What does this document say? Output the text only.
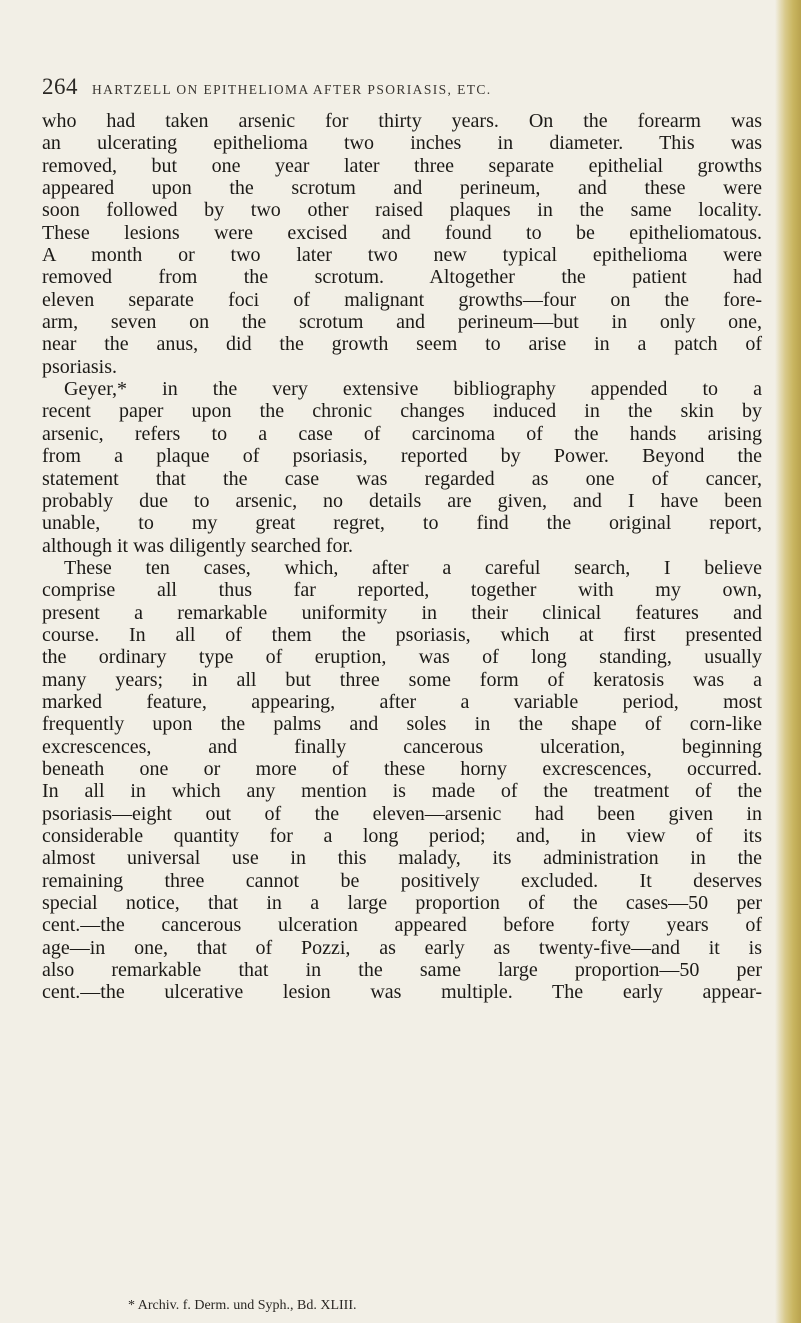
264 HARTZELL ON EPITHELIOMA AFTER PSORIASIS, ETC.
who had taken arsenic for thirty years. On the forearm was
an ulcerating epithelioma two inches in diameter. This was
removed, but one year later three separate epithelial growths
appeared upon the scrotum and perineum, and these were
soon followed by two other raised plaques in the same locality.
These lesions were excised and found to be epitheliomatous.
A month or two later two new typical epithelioma were
removed from the scrotum. Altogether the patient had
eleven separate foci of malignant growths—four on the fore-
arm, seven on the scrotum and perineum—but in only one,
near the anus, did the growth seem to arise in a patch of
psoriasis.
Geyer,* in the very extensive bibliography appended to a
recent paper upon the chronic changes induced in the skin by
arsenic, refers to a case of carcinoma of the hands arising
from a plaque of psoriasis, reported by Power. Beyond the
statement that the case was regarded as one of cancer,
probably due to arsenic, no details are given, and I have been
unable, to my great regret, to find the original report,
although it was diligently searched for.
These ten cases, which, after a careful search, I believe
comprise all thus far reported, together with my own,
present a remarkable uniformity in their clinical features and
course. In all of them the psoriasis, which at first presented
the ordinary type of eruption, was of long standing, usually
many years; in all but three some form of keratosis was a
marked feature, appearing, after a variable period, most
frequently upon the palms and soles in the shape of corn-like
excrescences, and finally cancerous ulceration, beginning
beneath one or more of these horny excrescences, occurred.
In all in which any mention is made of the treatment of the
psoriasis—eight out of the eleven—arsenic had been given in
considerable quantity for a long period; and, in view of its
almost universal use in this malady, its administration in the
remaining three cannot be positively excluded. It deserves
special notice, that in a large proportion of the cases—50 per
cent.—the cancerous ulceration appeared before forty years of
age—in one, that of Pozzi, as early as twenty-five—and it is
also remarkable that in the same large proportion—50 per
cent.—the ulcerative lesion was multiple. The early appear-
* Archiv. f. Derm. und Syph., Bd. XLIII.
